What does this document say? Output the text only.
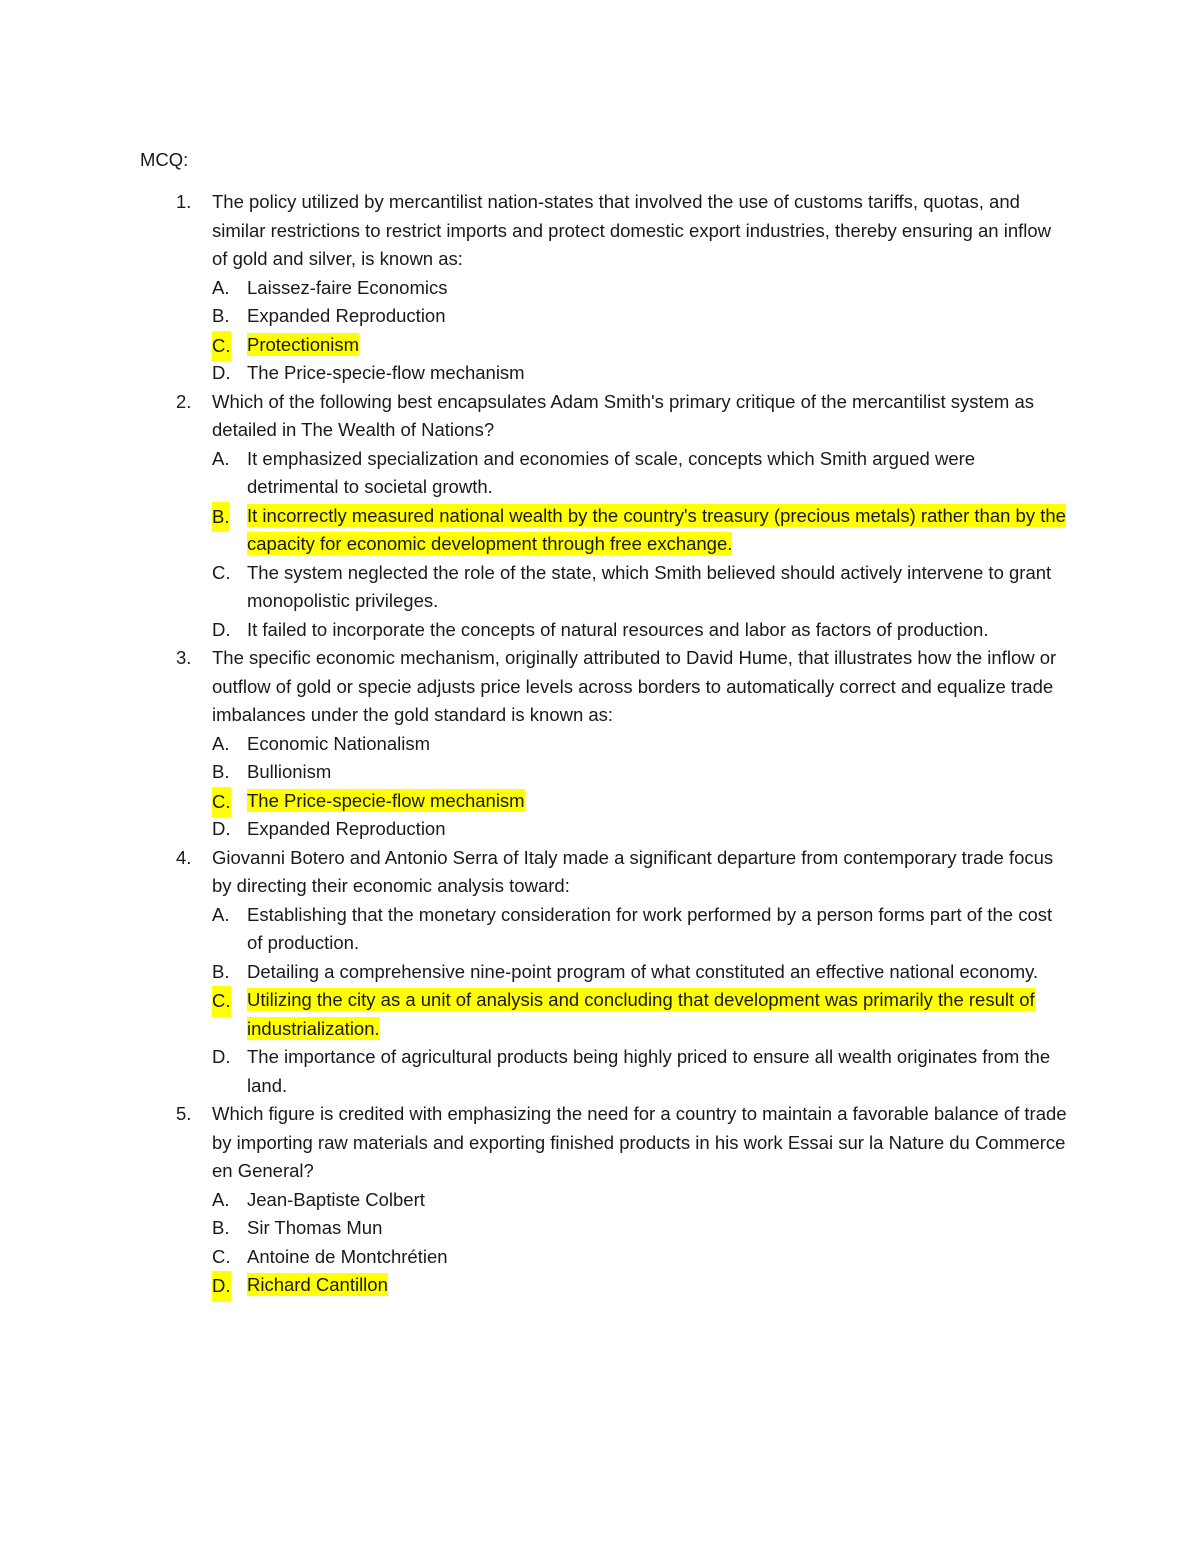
MCQ:
1. The policy utilized by mercantilist nation-states that involved the use of customs tariffs, quotas, and similar restrictions to restrict imports and protect domestic export industries, thereby ensuring an inflow of gold and silver, is known as:
A. Laissez-faire Economics
B. Expanded Reproduction
C. Protectionism
D. The Price-specie-flow mechanism
2. Which of the following best encapsulates Adam Smith's primary critique of the mercantilist system as detailed in The Wealth of Nations?
A. It emphasized specialization and economies of scale, concepts which Smith argued were detrimental to societal growth.
B. It incorrectly measured national wealth by the country's treasury (precious metals) rather than by the capacity for economic development through free exchange.
C. The system neglected the role of the state, which Smith believed should actively intervene to grant monopolistic privileges.
D. It failed to incorporate the concepts of natural resources and labor as factors of production.
3. The specific economic mechanism, originally attributed to David Hume, that illustrates how the inflow or outflow of gold or specie adjusts price levels across borders to automatically correct and equalize trade imbalances under the gold standard is known as:
A. Economic Nationalism
B. Bullionism
C. The Price-specie-flow mechanism
D. Expanded Reproduction
4. Giovanni Botero and Antonio Serra of Italy made a significant departure from contemporary trade focus by directing their economic analysis toward:
A. Establishing that the monetary consideration for work performed by a person forms part of the cost of production.
B. Detailing a comprehensive nine-point program of what constituted an effective national economy.
C. Utilizing the city as a unit of analysis and concluding that development was primarily the result of industrialization.
D. The importance of agricultural products being highly priced to ensure all wealth originates from the land.
5. Which figure is credited with emphasizing the need for a country to maintain a favorable balance of trade by importing raw materials and exporting finished products in his work Essai sur la Nature du Commerce en General?
A. Jean-Baptiste Colbert
B. Sir Thomas Mun
C. Antoine de Montchrétien
D. Richard Cantillon
